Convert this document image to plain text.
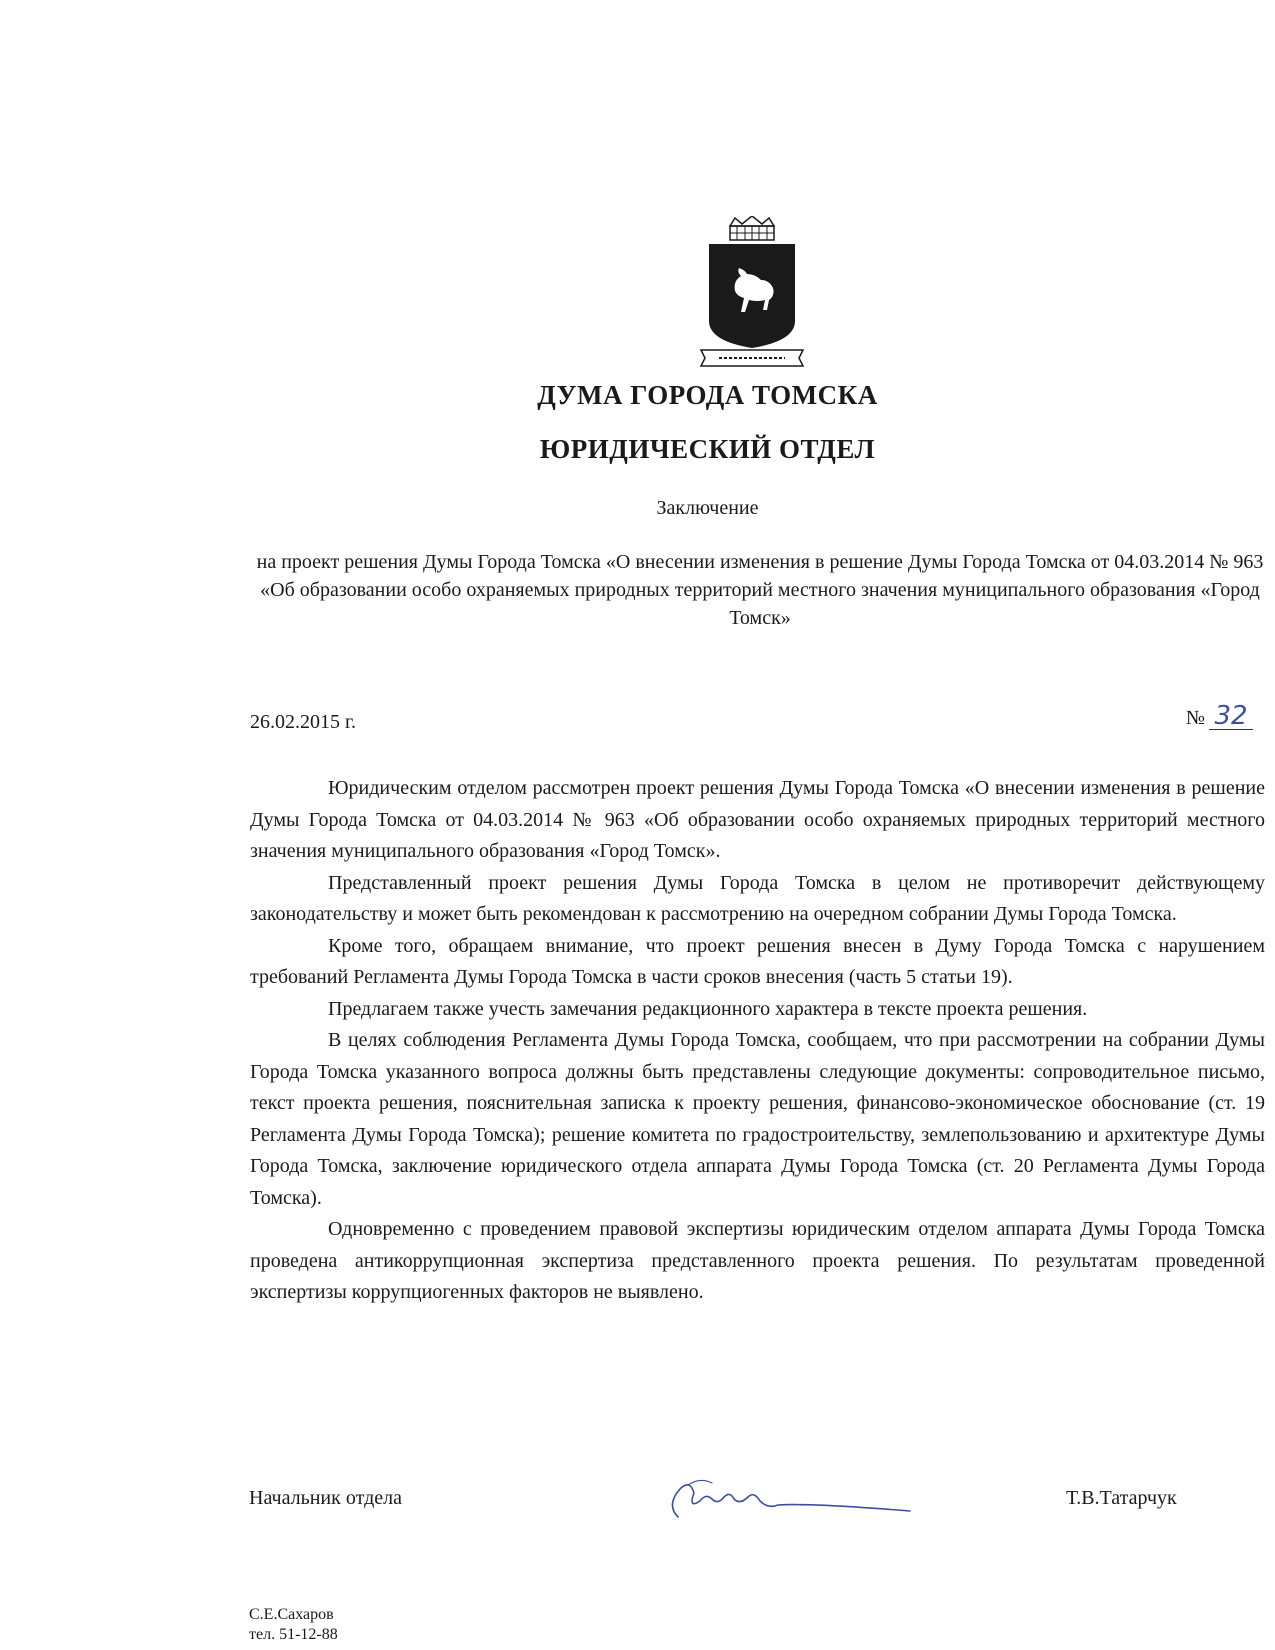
ДУМА ГОРОДА ТОМСКА
ЮРИДИЧЕСКИЙ ОТДЕЛ
Заключение
на проект решения Думы Города Томска «О внесении изменения в решение Думы Города Томска от 04.03.2014 № 963 «Об образовании особо охраняемых природных территорий местного значения муниципального образования «Город Томск»
26.02.2015 г.	№ 32

Юридическим отделом рассмотрен проект решения Думы Города Томска «О внесении изменения в решение Думы Города Томска от 04.03.2014 № 963 «Об образовании особо охраняемых природных территорий местного значения муниципального образования «Город Томск».

Представленный проект решения Думы Города Томска в целом не противоречит действующему законодательству и может быть рекомендован к рассмотрению на очередном собрании Думы Города Томска.

Кроме того, обращаем внимание, что проект решения внесен в Думу Города Томска с нарушением требований Регламента Думы Города Томска в части сроков внесения (часть 5 статьи 19).

Предлагаем также учесть замечания редакционного характера в тексте проекта решения.

В целях соблюдения Регламента Думы Города Томска, сообщаем, что при рассмотрении на собрании Думы Города Томска указанного вопроса должны быть представлены следующие документы: сопроводительное письмо, текст проекта решения, пояснительная записка к проекту решения, финансово-экономическое обоснование (ст. 19 Регламента Думы Города Томска); решение комитета по градостроительству, землепользованию и архитектуре Думы Города Томска, заключение юридического отдела аппарата Думы Города Томска (ст. 20 Регламента Думы Города Томска).

Одновременно с проведением правовой экспертизы юридическим отделом аппарата Думы Города Томска проведена антикоррупционная экспертиза представленного проекта решения. По результатам проведенной экспертизы коррупциогенных факторов не выявлено.

Начальник отдела	Т.В.Татарчук
С.Е.Сахаров
тел. 51-12-88
